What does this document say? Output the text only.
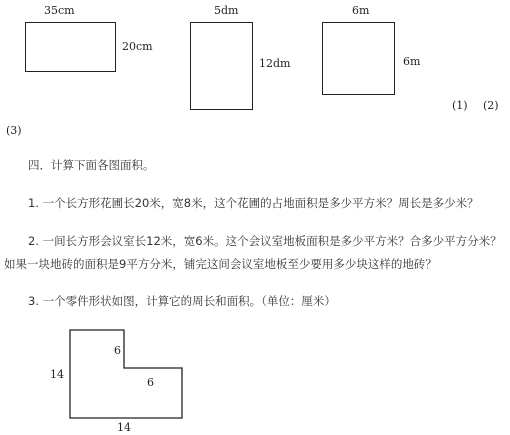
35cm
20cm
5dm
12dm
6m
6m
(1) (2)
(3)
四．计算下面各图面积。
1. 一个长方形花圃长20米，宽8米，这个花圃的占地面积是多少平方米？周长是多少米？
2. 一间长方形会议室长12米，宽6米。这个会议室地板面积是多少平方米？合多少平方分米？
如果一块地砖的面积是9平方分米，铺完这间会议室地板至少要用多少块这样的地砖？
3. 一个零件形状如图，计算它的周长和面积。（单位：厘米）
6
6
14
14
